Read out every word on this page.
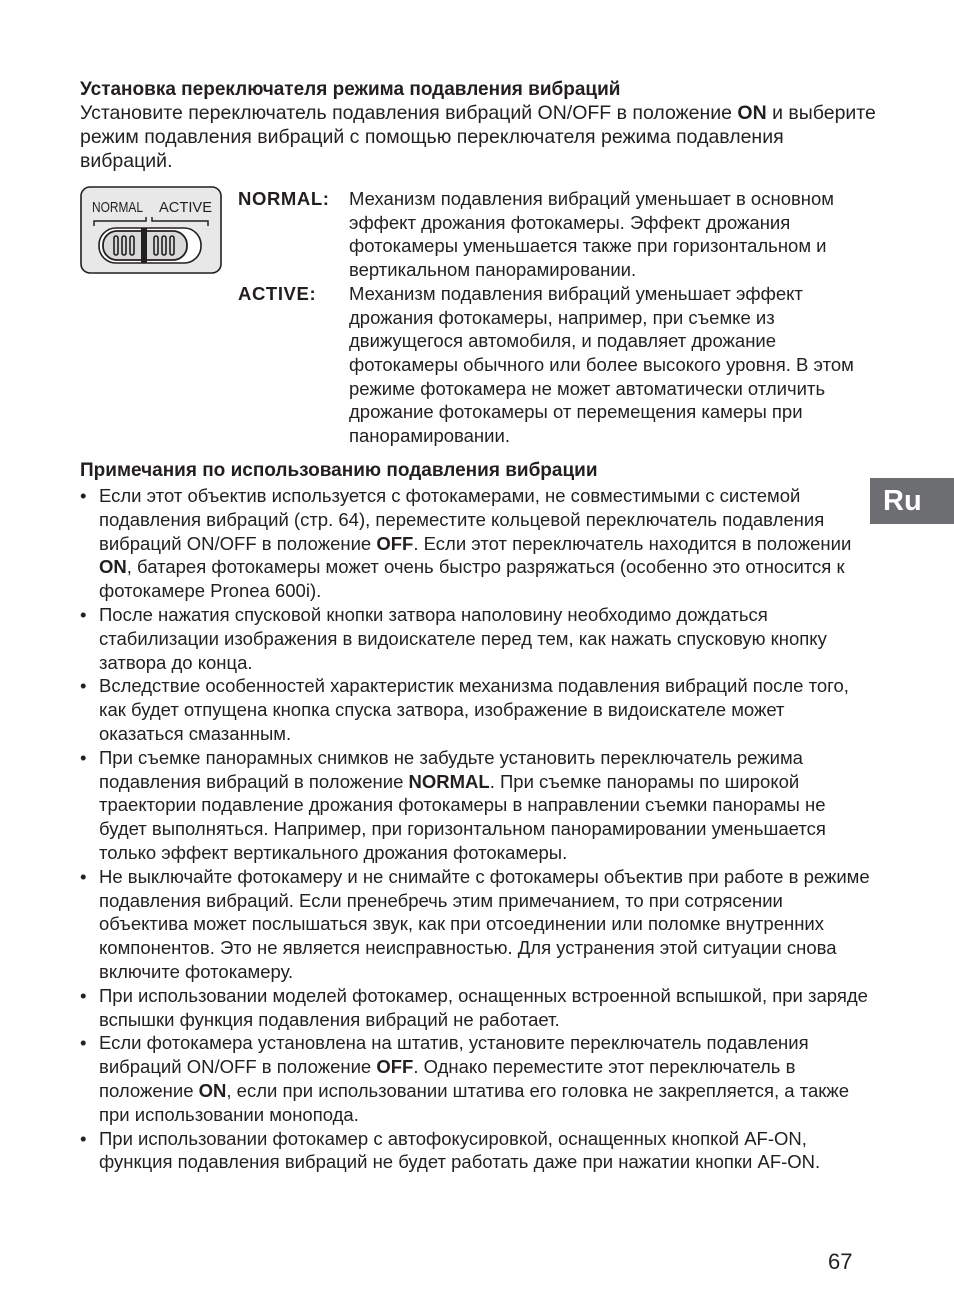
Установка переключателя режима подавления вибраций

Установите переключатель подавления вибраций ON/OFF в положение ON и выберите режим подавления вибраций с помощью переключателя режима подавления вибраций.

NORMAL ACTIVE NORMAL: Механизм подавления вибраций уменьшает в основном эффект дрожания фотокамеры. Эффект дрожания фотокамеры уменьшается также при горизонтальном и вертикальном панорамировании.
ACTIVE: Механизм подавления вибраций уменьшает эффект дрожания фотокамеры, например, при съемке из движущегося автомобиля, и подавляет дрожание фотокамеры обычного или более высокого уровня. В этом режиме фотокамера не может автоматически отличить дрожание фотокамеры от перемещения камеры при панорамировании.
Примечания по использованию подавления вибрации
• Если этот объектив используется с фотокамерами, не совместимыми с системой подавления вибраций (стр. 64), переместите кольцевой переключатель подавления вибраций ON/OFF в положение OFF. Если этот переключатель находится в положении ON, батарея фотокамеры может очень быстро разряжаться (особенно это относится к фотокамере Pronea 600i).
• После нажатия спусковой кнопки затвора наполовину необходимо дождаться стабилизации изображения в видоискателе перед тем, как нажать спусковую кнопку затвора до конца.
• Вследствие особенностей характеристик механизма подавления вибраций после того, как будет отпущена кнопка спуска затвора, изображение в видоискателе может оказаться смазанным.
• При съемке панорамных снимков не забудьте установить переключатель режима подавления вибраций в положение NORMAL. При съемке панорамы по широкой траектории подавление дрожания фотокамеры в направлении съемки панорамы не будет выполняться. Например, при горизонтальном панорамировании уменьшается только эффект вертикального дрожания фотокамеры.
• Не выключайте фотокамеру и не снимайте с фотокамеры объектив при работе в режиме подавления вибраций. Если пренебречь этим примечанием, то при сотрясении объектива может послышаться звук, как при отсоединении или поломке внутренних компонентов. Это не является неисправностью. Для устранения этой ситуации снова включите фотокамеру.
• При использовании моделей фотокамер, оснащенных встроенной вспышкой, при заряде вспышки функция подавления вибраций не работает.
• Если фотокамера установлена на штатив, установите переключатель подавления вибраций ON/OFF в положение OFF. Однако переместите этот переключатель в положение ON, если при использовании штатива его головка не закрепляется, а также при использовании монопода.
• При использовании фотокамер с автофокусировкой, оснащенных кнопкой AF-ON, функция подавления вибраций не будет работать даже при нажатии кнопки AF-ON.
Ru
67
